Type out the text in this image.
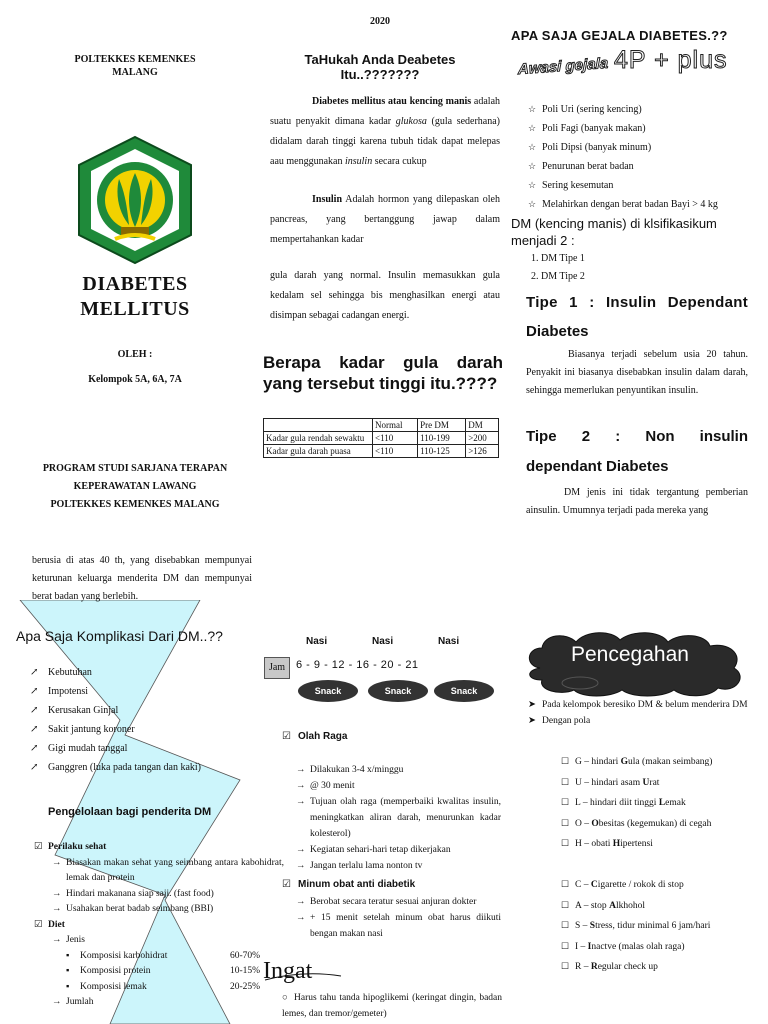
POLTEKKES KEMENKES MALANG
DIABETES MELLITUS
OLEH :
Kelompok 5A, 6A, 7A
PROGRAM STUDI SARJANA TERAPAN
KEPERAWATAN LAWANG
POLTEKKES KEMENKES MALANG
2020
TaHukah Anda Deabetes Itu..???????
Diabetes mellitus atau kencing manis adalah suatu penyakit dimana kadar glukosa (gula sederhana) didalam darah tinggi karena tubuh tidak dapat melepas aau menggunakan insulin secara cukup
Insulin Adalah hormon yang dilepaskan oleh pancreas, yang bertanggung jawap dalam mempertahankan kadar
gula darah yang normal. Insulin memasukkan gula kedalam sel sehingga bis menghasilkan energi atau disimpan sebagai cadangan energi.
Berapa kadar gula darah yang tersebut tinggi itu.????
	Normal	Pre DM	DM
Kadar gula rendah sewaktu	<110	110-199	>200
Kadar gula darah puasa	<110	110-125	>126
APA SAJA GEJALA DIABETES.??
Awasi gejala 4P + plus
☆ Poli Uri (sering kencing)
☆ Poli Fagi (banyak makan)
☆ Poli Dipsi (banyak minum)
☆ Penurunan berat badan
☆ Sering kesemutan
☆ Melahirkan dengan berat badan Bayi > 4 kg
DM (kencing manis) di klsifikasikum menjadi 2 :
1. DM Tipe 1
2. DM Tipe 2
Tipe 1 : Insulin Dependant
Diabetes
Biasanya terjadi sebelum usia 20 tahun. Penyakit ini biasanya disebabkan insulin dalam darah, sehingga memerlukan penyuntikan insulin.
Tipe 2 : Non insulin
dependant Diabetes
DM jenis ini tidak tergantung pemberian ainsulin. Umumnya terjadi pada mereka yang
berusia di atas 40 th, yang disebabkan mempunyai keturunan keluarga menderita DM dan mempunyai berat badan yang berlebih.
Apa Saja Komplikasi Dari DM..??
↗ Kebutuhan
↗ Impotensi
↗ Kerusakan Ginjal
↗ Sakit jantung koroner
↗ Gigi mudah tanggal
↗ Ganggren (luka pada tangan dan kaki)
Pengelolaan bagi penderita DM
☑ Perilaku sehat
→ Biasakan makan sehat yang seimbang antara kabohidrat, lemak dan protein
→ Hindari makanana siap saji. (fast food)
→ Usahakan berat badab seimbang (BBI)
☑ Diet
→ Jenis
▪	Komposisi karbohidrat	60-70%
▪	Komposisi protein	10-15%
▪	Komposisi lemak	20-25%
→ Jumlah
Nasi	Nasi	Nasi
Jam 6 - 9 - 12 - 16 - 20 - 21
Snack	Snack	Snack
☑ Olah Raga
→ Dilakukan 3-4 x/minggu
→ @ 30 menit
→ Tujuan olah raga (memperbaiki kwalitas insulin, meningkatkan aliran darah, menurunkan kadar kolesterol)
→ Kegiatan sehari-hari tetap dikerjakan
→ Jangan terlalu lama nonton tv
☑ Minum obat anti diabetik
→ Berobat secara teratur sesuai anjuran dokter
→ + 15 menit setelah minum obat harus diikuti bengan makan nasi
Ingat
○ Harus tahu tanda hipoglikemi (keringat dingin, badan lemes, dan tremor/gemeter)
Pencegahan
➤ Pada kelompok beresiko DM & belum menderira DM
➤ Dengan pola
☐ G – hindari Gula (makan seimbang)
☐ U – hindari asam Urat
☐ L – hindari diit tinggi Lemak
☐ O – Obesitas (kegemukan) di cegah
☐ H – obati Hipertensi
☐ C – Cigarette / rokok di stop
☐ A – stop Alkhohol
☐ S – Stress, tidur minimal 6 jam/hari
☐ I – Inactve (malas olah raga)
☐ R – Regular check up
